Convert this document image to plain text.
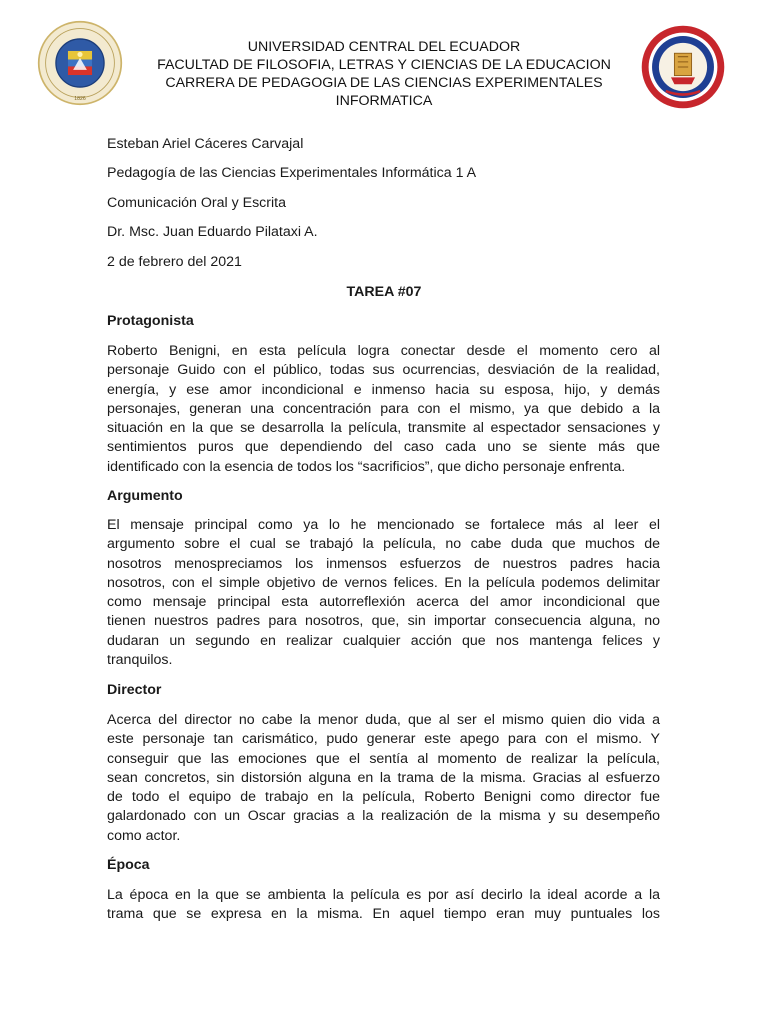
1826
UNIVERSIDAD CENTRAL DEL ECUADOR
FACULTAD DE FILOSOFIA, LETRAS Y CIENCIAS DE LA EDUCACION
CARRERA DE PEDAGOGIA DE LAS CIENCIAS EXPERIMENTALES
INFORMATICA
Esteban Ariel Cáceres Carvajal
Pedagogía de las Ciencias Experimentales Informática 1 A
Comunicación Oral y Escrita
Dr. Msc. Juan Eduardo Pilataxi A.
2 de febrero del 2021
TAREA #07
Protagonista
Roberto Benigni, en esta película logra conectar desde el momento cero al
personaje Guido con el público, todas sus ocurrencias, desviación de la realidad,
energía, y ese amor incondicional e inmenso hacia su esposa, hijo, y demás
personajes, generan una concentración para con el mismo, ya que debido a la
situación en la que se desarrolla la película, transmite al espectador sensaciones y
sentimientos puros que dependiendo del caso cada uno se siente más que
identificado con la esencia de todos los “sacrificios”, que dicho personaje enfrenta.
Argumento
El mensaje principal como ya lo he mencionado se fortalece más al leer el
argumento sobre el cual se trabajó la película, no cabe duda que muchos de
nosotros menospreciamos los inmensos esfuerzos de nuestros padres hacia
nosotros, con el simple objetivo de vernos felices. En la película podemos delimitar
como mensaje principal esta autorreflexión acerca del amor incondicional que
tienen nuestros padres para nosotros, que, sin importar consecuencia alguna, no
dudaran un segundo en realizar cualquier acción que nos mantenga felices y
tranquilos.
Director
Acerca del director no cabe la menor duda, que al ser el mismo quien dio vida a
este personaje tan carismático, pudo generar este apego para con el mismo. Y
conseguir que las emociones que el sentía al momento de realizar la película,
sean concretos, sin distorsión alguna en la trama de la misma. Gracias al esfuerzo
de todo el equipo de trabajo en la película, Roberto Benigni como director fue
galardonado con un Oscar gracias a la realización de la misma y su desempeño
como actor.
Época
La época en la que se ambienta la película es por así decirlo la ideal acorde a la
trama que se expresa en la misma. En aquel tiempo eran muy puntuales los
